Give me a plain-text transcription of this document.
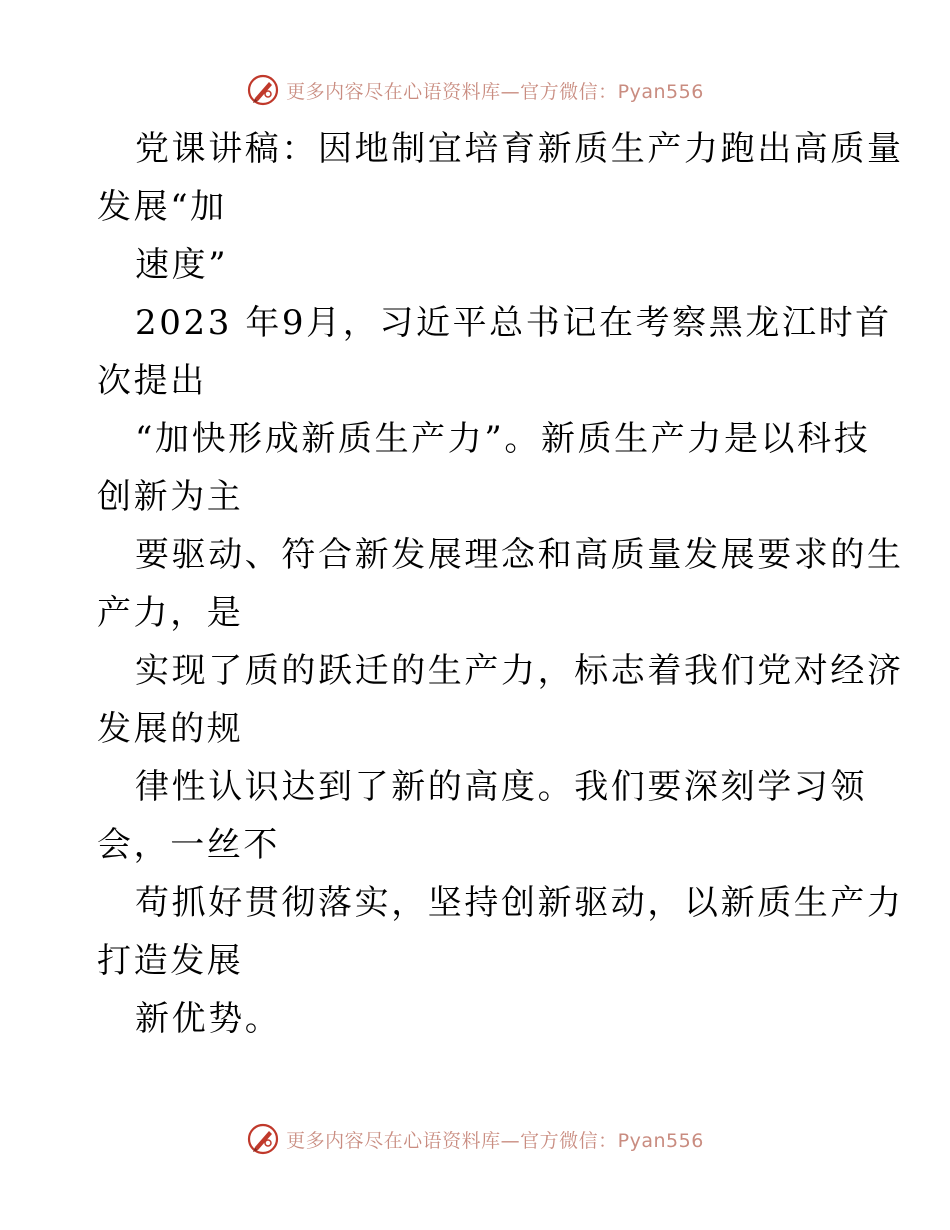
更多内容尽在心语资料库—官方微信：Pyan556
党课讲稿：因地制宜培育新质生产力跑出高质量
发展“加
速度”
2023 年9月，习近平总书记在考察黑龙江时首
次提出
“加快形成新质生产力”。新质生产力是以科技
创新为主
要驱动、符合新发展理念和高质量发展要求的生
产力，是
实现了质的跃迁的生产力，标志着我们党对经济
发展的规
律性认识达到了新的高度。我们要深刻学习领
会，一丝不
苟抓好贯彻落实，坚持创新驱动，以新质生产力
打造发展
新优势。
更多内容尽在心语资料库—官方微信：Pyan556
